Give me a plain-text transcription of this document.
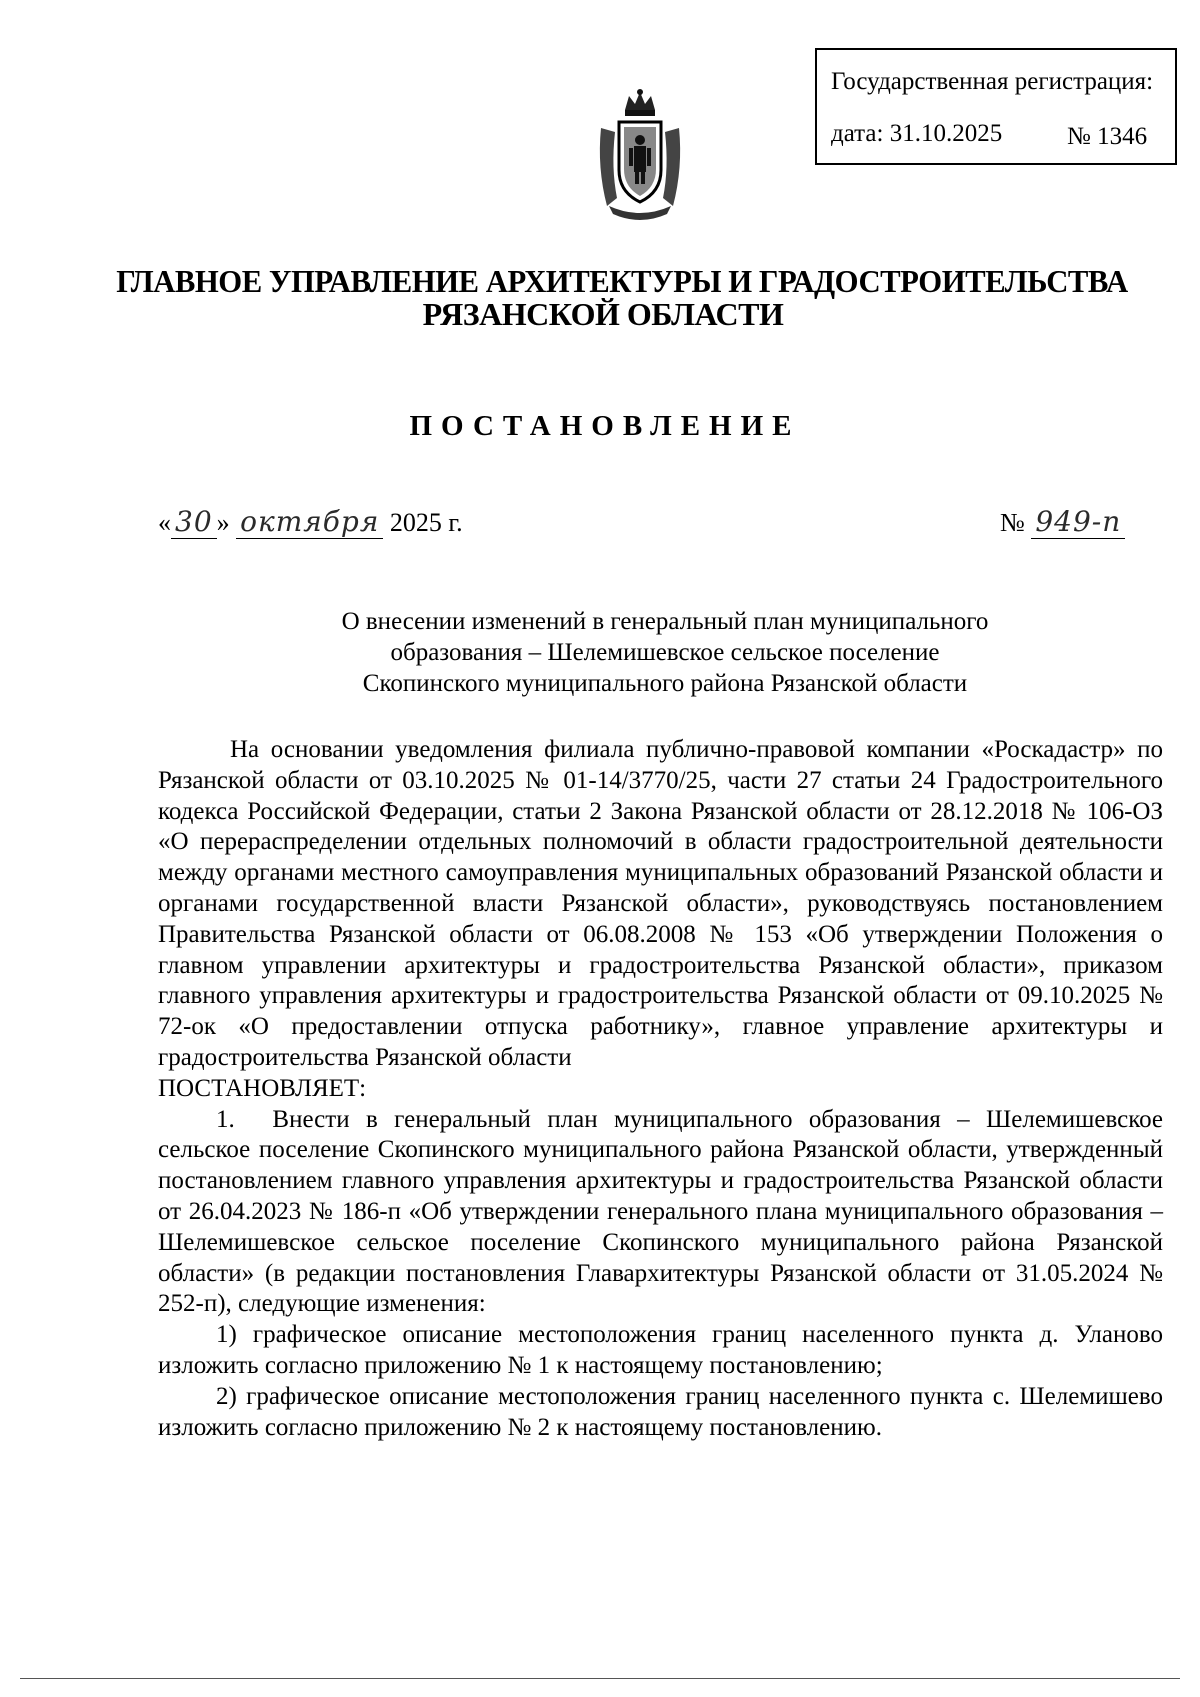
Государственная регистрация:
дата: 31.10.2025	№ 1346
ГЛАВНОЕ УПРАВЛЕНИЕ АРХИТЕКТУРЫ И ГРАДОСТРОИТЕЛЬСТВА
РЯЗАНСКОЙ ОБЛАСТИ
ПОСТАНОВЛЕНИЕ
« 30 » октября 2025 г.	№ 949-п
О внесении изменений в генеральный план муниципального
образования – Шелемишевское сельское поселение
Скопинского муниципального района Рязанской области

На основании уведомления филиала публично-правовой компании «Роскадастр» по Рязанской области от 03.10.2025 № 01-14/3770/25, части 27 статьи 24 Градостроительного кодекса Российской Федерации, статьи 2 Закона Рязанской области от 28.12.2018 № 106-ОЗ «О перераспределении отдельных полномочий в области градостроительной деятельности между органами местного самоуправления муниципальных образований Рязанской области и органами государственной власти Рязанской области», руководствуясь постановлением Правительства Рязанской области от 06.08.2008 № 153 «Об утверждении Положения о главном управлении архитектуры и градостроительства Рязанской области», приказом главного управления архитектуры и градостроительства Рязанской области от 09.10.2025 № 72-ок «О предоставлении отпуска работнику», главное управление архитектуры и градостроительства Рязанской области

ПОСТАНОВЛЯЕТ:

1. Внести в генеральный план муниципального образования – Шелемишевское сельское поселение Скопинского муниципального района Рязанской области, утвержденный постановлением главного управления архитектуры и градостроительства Рязанской области от 26.04.2023 № 186-п «Об утверждении генерального плана муниципального образования – Шелемишевское сельское поселение Скопинского муниципального района Рязанской области» (в редакции постановления Главархитектуры Рязанской области от 31.05.2024 № 252-п), следующие изменения:

1) графическое описание местоположения границ населенного пункта д. Уланово изложить согласно приложению № 1 к настоящему постановлению;

2) графическое описание местоположения границ населенного пункта с. Шелемишево изложить согласно приложению № 2 к настоящему постановлению.
